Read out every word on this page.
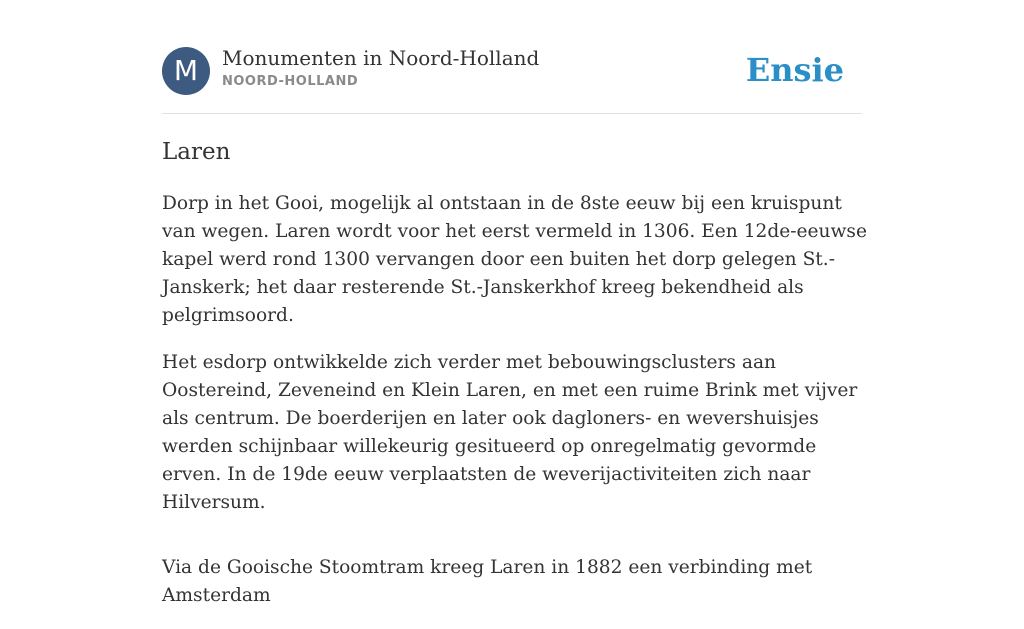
M	Monumenten in Noord-Holland
NOORD-HOLLAND	Ensie
Laren

Dorp in het Gooi, mogelijk al ontstaan in de 8ste eeuw bij een kruispunt van wegen. Laren wordt voor het eerst vermeld in 1306. Een 12de-eeuwse kapel werd rond 1300 vervangen door een buiten het dorp gelegen St.-Janskerk; het daar resterende St.-Janskerkhof kreeg bekendheid als pelgrimsoord.

Het esdorp ontwikkelde zich verder met bebouwingsclusters aan Oostereind, Zeveneind en Klein Laren, en met een ruime Brink met vijver als centrum. De boerderijen en later ook dagloners- en wevershuisjes werden schijnbaar willekeurig gesitueerd op onregelmatig gevormde erven. In de 19de eeuw verplaatsten de weverijactiviteiten zich naar Hilversum.

Via de Gooische Stoomtram kreeg Laren in 1882 een verbinding met Amsterdam
